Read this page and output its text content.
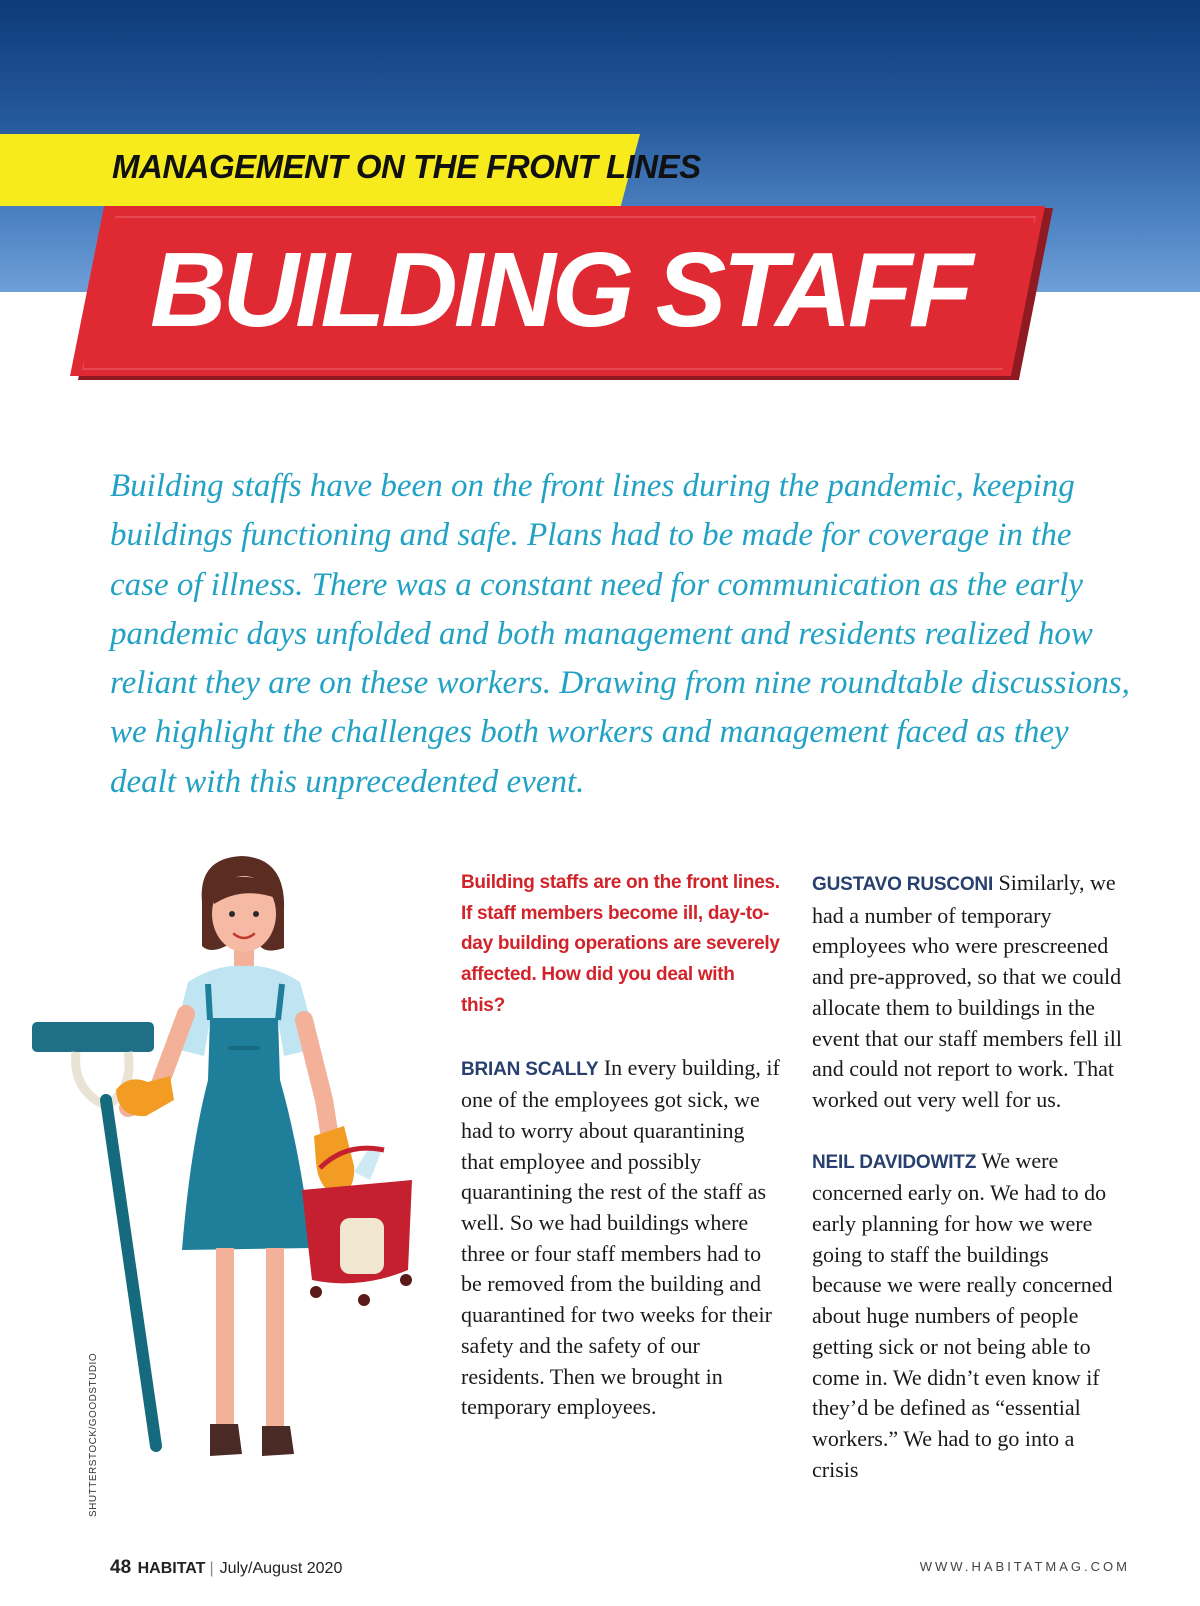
MANAGEMENT ON THE FRONT LINES

BUILDING STAFF

Building staffs have been on the front lines during the pandemic, keeping buildings functioning and safe. Plans had to be made for coverage in the case of illness. There was a constant need for communication as the early pandemic days unfolded and both management and residents realized how reliant they are on these workers. Drawing from nine roundtable discussions, we highlight the challenges both workers and management faced as they dealt with this unprecedented event.

SHUTTERSTOCK/GOODSTUDIO

Building staffs are on the front lines. If staff members become ill, day-to-day building operations are severely affected. How did you deal with this?

BRIAN SCALLY In every building, if one of the employees got sick, we had to worry about quarantining that employee and possibly quarantining the rest of the staff as well. So we had buildings where three or four staff members had to be removed from the building and quarantined for two weeks for their safety and the safety of our residents. Then we brought in temporary employees.

GUSTAVO RUSCONI Similarly, we had a number of temporary employees who were prescreened and pre-approved, so that we could allocate them to buildings in the event that our staff members fell ill and could not report to work. That worked out very well for us.

NEIL DAVIDOWITZ We were concerned early on. We had to do early planning for how we were going to staff the buildings because we were really concerned about huge numbers of people getting sick or not being able to come in. We didn’t even know if they’d be defined as “essential workers.” We had to go into a crisis

48 HABITAT | July/August 2020	WWW.HABITATMAG.COM
